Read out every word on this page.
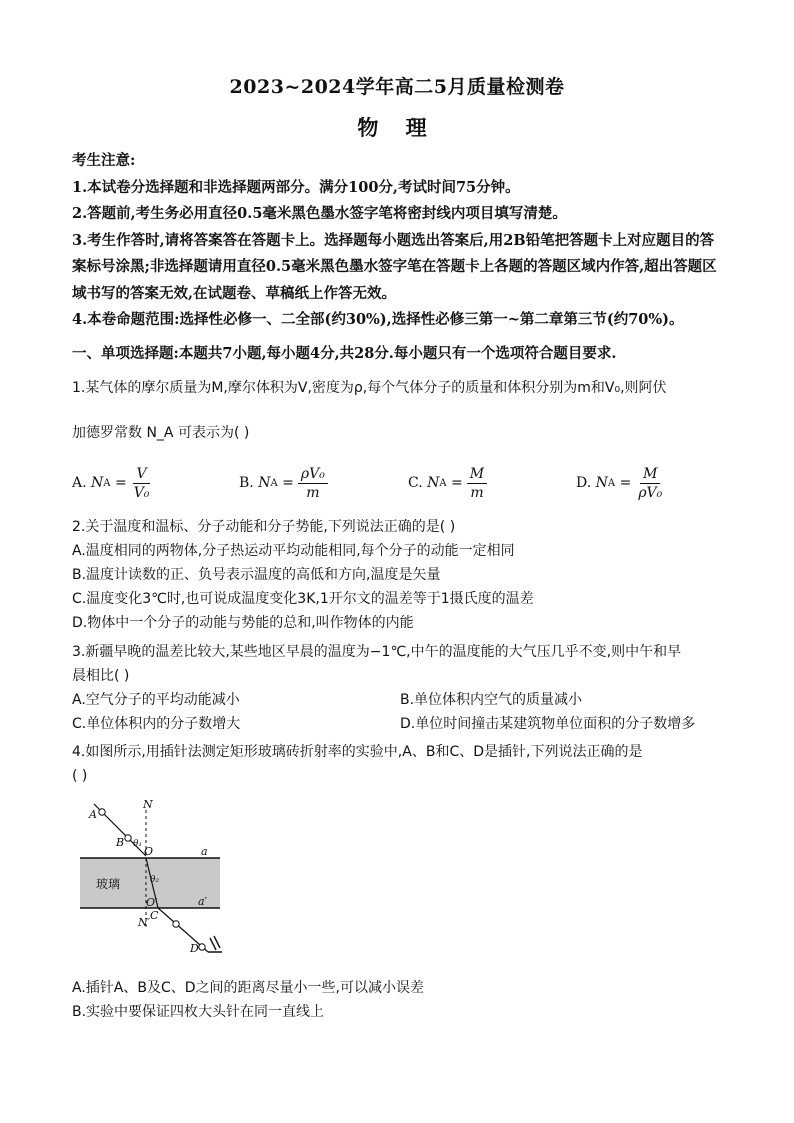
2023~2024学年高二5月质量检测卷
物 理

考生注意:

1.本试卷分选择题和非选择题两部分。满分100分,考试时间75分钟。

2.答题前,考生务必用直径0.5毫米黑色墨水签字笔将密封线内项目填写清楚。

3.考生作答时,请将答案答在答题卡上。选择题每小题选出答案后,用2B铅笔把答题卡上对应题目的答案标号涂黑;非选择题请用直径0.5毫米黑色墨水签字笔在答题卡上各题的答题区域内作答,超出答题区域书写的答案无效,在试题卷、草稿纸上作答无效。

4.本卷命题范围:选择性必修一、二全部(约30%),选择性必修三第一~第二章第三节(约70%)。

一、单项选择题:本题共7小题,每小题4分,共28分.每小题只有一个选项符合题目要求.

1.某气体的摩尔质量为M,摩尔体积为V,密度为ρ,每个气体分子的质量和体积分别为m和V₀,则阿伏

加德罗常数 N_A 可表示为( )

A.
N $A = \frac{V}{\text{V₀}}$	B.
N $A = \frac{\text{ρV₀}}{m}$	C.
N $A = \frac{M}{m}$	D.
N $A = \frac{M}{\text{ρV₀}}$

2.关于温度和温标、分子动能和分子势能,下列说法正确的是( )

A.温度相同的两物体,分子热运动平均动能相同,每个分子的动能一定相同

B.温度计读数的正、负号表示温度的高低和方向,温度是矢量

C.温度变化3℃时,也可说成温度变化3K,1开尔文的温差等于1摄氏度的温差

D.物体中一个分子的动能与势能的总和,叫作物体的内能

3.新疆早晚的温差比较大,某些地区早晨的温度为−1℃,中午的温度能的大气压几乎不变,则中午和早

晨相比( )

A.空气分子的平均动能减小	B.单位体积内空气的质量减小
C.单位体积内的分子数增大	D.单位时间撞击某建筑物单位面积的分子数增多

4.如图所示,用插针法测定矩形玻璃砖折射率的实验中,A、B和C、D是插针,下列说法正确的是

( )

A
B
C
D
N
N′
O
O′
a
a′
θ₁
θ₂
玻璃

A.插针A、B及C、D之间的距离尽量小一些,可以减小误差

B.实验中要保证四枚大头针在同一直线上
